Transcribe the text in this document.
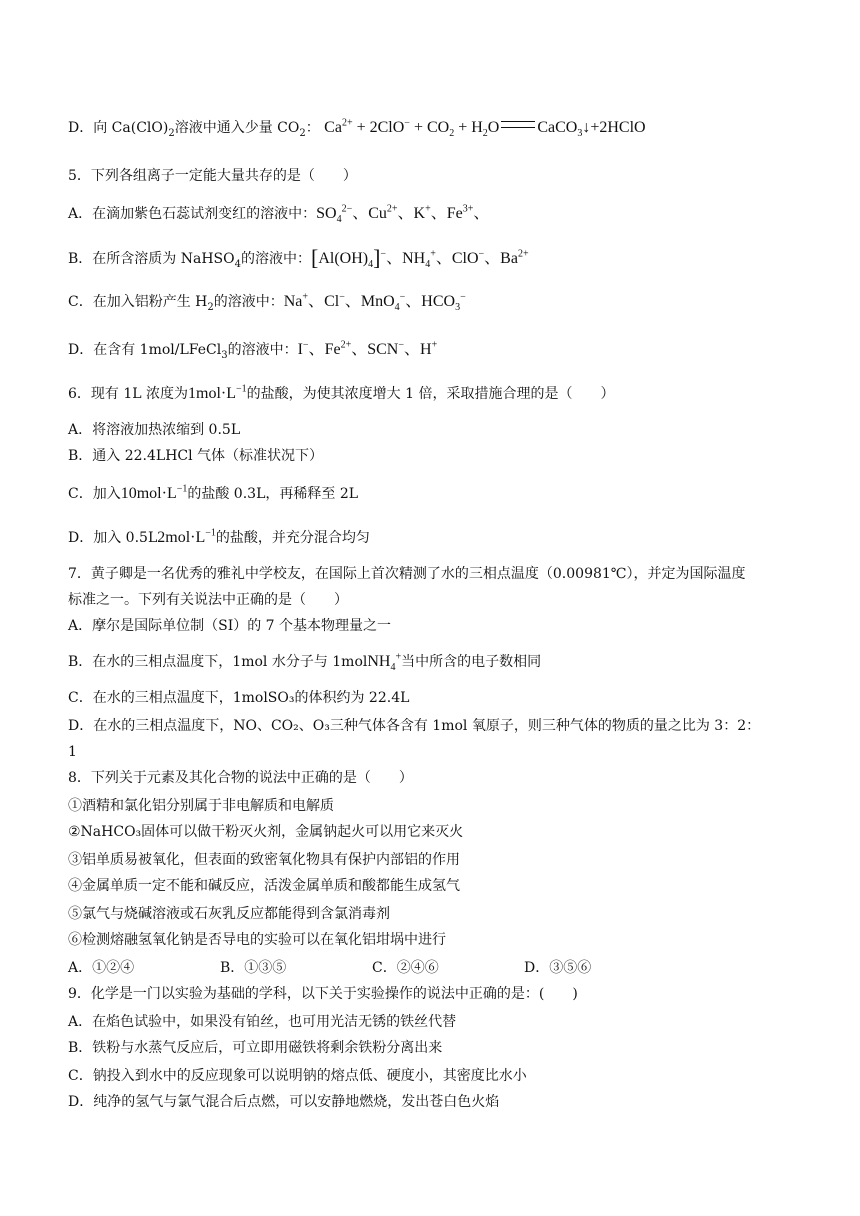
D．向 $Ca(ClO)_2$溶液中通入少量 $CO_2$： $Ca^{2+} + 2ClO^- + CO_2 + H_2O$ CaCO$_3$↓+2HClO
5．下列各组离子一定能大量共存的是（　　）
A．在滴加紫色石蕊试剂变红的溶液中：$SO_4^{2-}$、$Cu^{2+}$、K+、$Fe^{3+}$、
B．在所含溶质为 NaHSO$_4$的溶液中：$[Al(OH)_4]^-$、$NH_4^+$、ClO−、$Ba^{2+}$
C．在加入铝粉产生 $H_2$的溶液中：Na+、Cl−、MnO$_4$−、$HCO_3^-$
D．在含有 1mol/LFeCl$_3$的溶液中：I−、$Fe^{2+}$、SCN−、H+
6．现有 1L 浓度为$1mol\cdot L^{-1}$的盐酸，为使其浓度增大 1 倍，采取措施合理的是（　　）
A．将溶液加热浓缩到 0.5L
B．通入 22.4LHCl 气体（标准状况下）
C．加入$10mol\cdot L^{-1}$的盐酸 0.3L，再稀释至 2L
D．加入 $0.5L2mol\cdot L^{-1}$的盐酸，并充分混合均匀
7．黄子卿是一名优秀的雅礼中学校友，在国际上首次精测了水的三相点温度（0.00981℃），并定为国际温度
标准之一。下列有关说法中正确的是（　　）
A．摩尔是国际单位制（SI）的 7 个基本物理量之一
B．在水的三相点温度下，1mol 水分子与 1molNH$_4$+当中所含的电子数相同
C．在水的三相点温度下，1molSO₃的体积约为 22.4L
D．在水的三相点温度下，NO、CO₂、O₃三种气体各含有 1mol 氧原子，则三种气体的物质的量之比为 3：2：
1
8．下列关于元素及其化合物的说法中正确的是（　　）
①酒精和氯化铝分别属于非电解质和电解质
②NaHCO₃固体可以做干粉灭火剂，金属钠起火可以用它来灭火
③铝单质易被氧化，但表面的致密氧化物具有保护内部铝的作用
④金属单质一定不能和碱反应，活泼金属单质和酸都能生成氢气
⑤氯气与烧碱溶液或石灰乳反应都能得到含氯消毒剂
⑥检测熔融氢氧化钠是否导电的实验可以在氧化铝坩埚中进行
A．①②④	B．①③⑤	C．②④⑥	D．③⑤⑥
9．化学是一门以实验为基础的学科，以下关于实验操作的说法中正确的是：(　　)
A．在焰色试验中，如果没有铂丝，也可用光洁无锈的铁丝代替
B．铁粉与水蒸气反应后，可立即用磁铁将剩余铁粉分离出来
C．钠投入到水中的反应现象可以说明钠的熔点低、硬度小，其密度比水小
D．纯净的氢气与氯气混合后点燃，可以安静地燃烧，发出苍白色火焰
